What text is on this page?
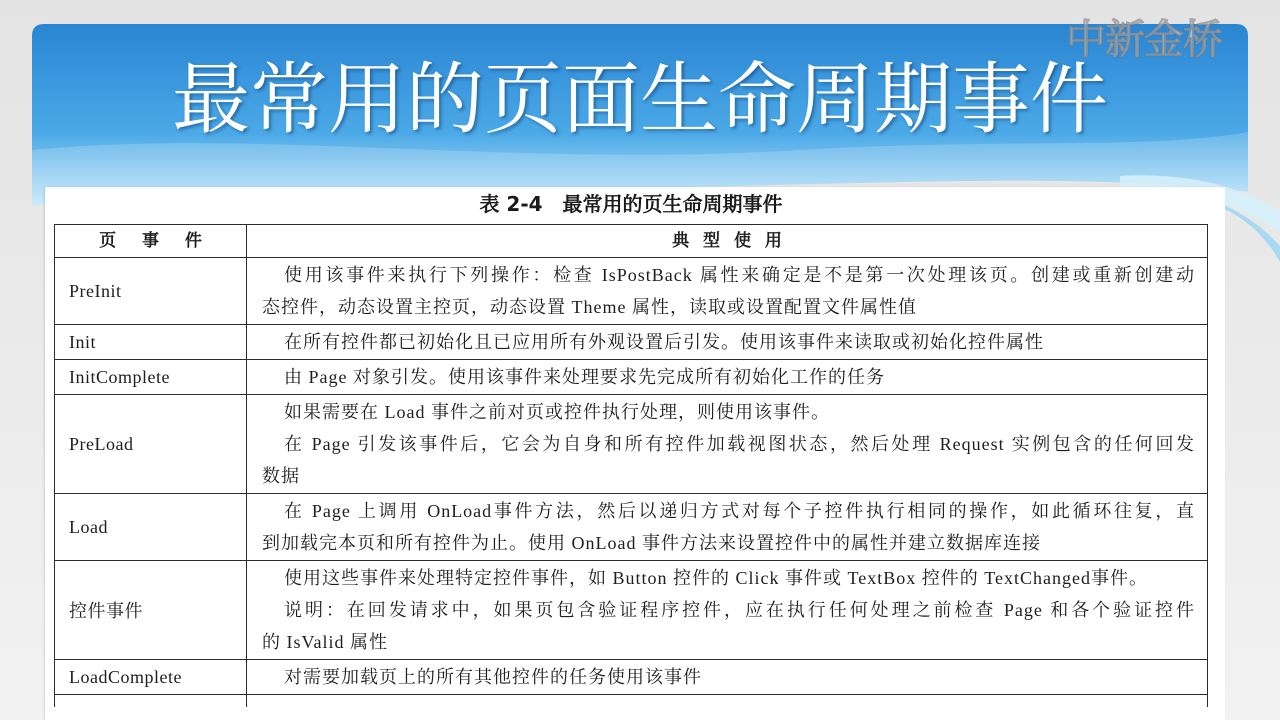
最常用的页面生命周期事件
中新金桥
表 2-4　最常用的页生命周期事件
页 事 件	典 型 使 用
PreInit	使用该事件来执行下列操作：检查 IsPostBack 属性来确定是不是第一次处理该页。创建或重新创建动
态控件，动态设置主控页，动态设置 Theme 属性，读取或设置配置文件属性值

Init	在所有控件都已初始化且已应用所有外观设置后引发。使用该事件来读取或初始化控件属性

InitComplete	由 Page 对象引发。使用该事件来处理要求先完成所有初始化工作的任务

PreLoad	如果需要在 Load 事件之前对页或控件执行处理，则使用该事件。
在 Page 引发该事件后，它会为自身和所有控件加载视图状态，然后处理 Request 实例包含的任何回发
数据

Load	在 Page 上调用 OnLoad事件方法，然后以递归方式对每个子控件执行相同的操作，如此循环往复，直
到加载完本页和所有控件为止。使用 OnLoad 事件方法来设置控件中的属性并建立数据库连接

控件事件	使用这些事件来处理特定控件事件，如 Button 控件的 Click 事件或 TextBox 控件的 TextChanged事件。
说明：在回发请求中，如果页包含验证程序控件，应在执行任何处理之前检查 Page 和各个验证控件
的 IsValid 属性

LoadComplete	对需要加载页上的所有其他控件的任务使用该事件
